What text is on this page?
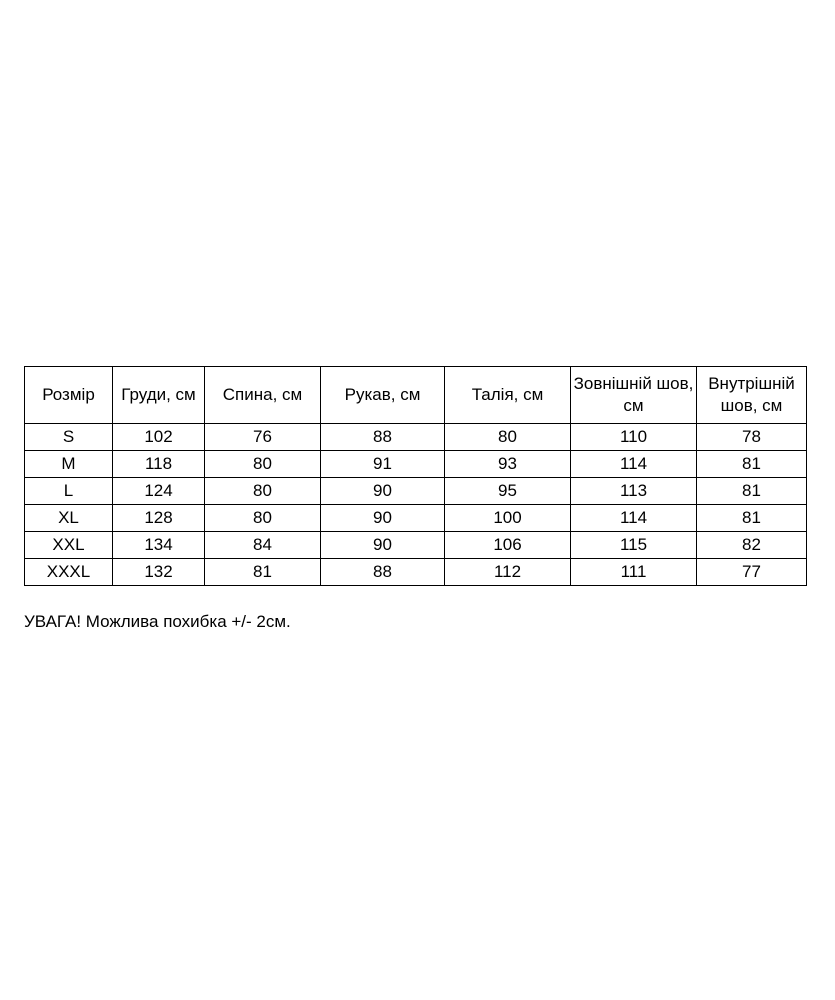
Розмір	Груди, см	Спина, см	Рукав, см	Талія, см	Зовнішній шов, см	Внутрішній шов, см
S	102	76	88	80	110	78
M	118	80	91	93	114	81
L	124	80	90	95	113	81
XL	128	80	90	100	114	81
XXL	134	84	90	106	115	82
XXXL	132	81	88	112	111	77
УВАГА! Можлива похибка +/- 2см.
